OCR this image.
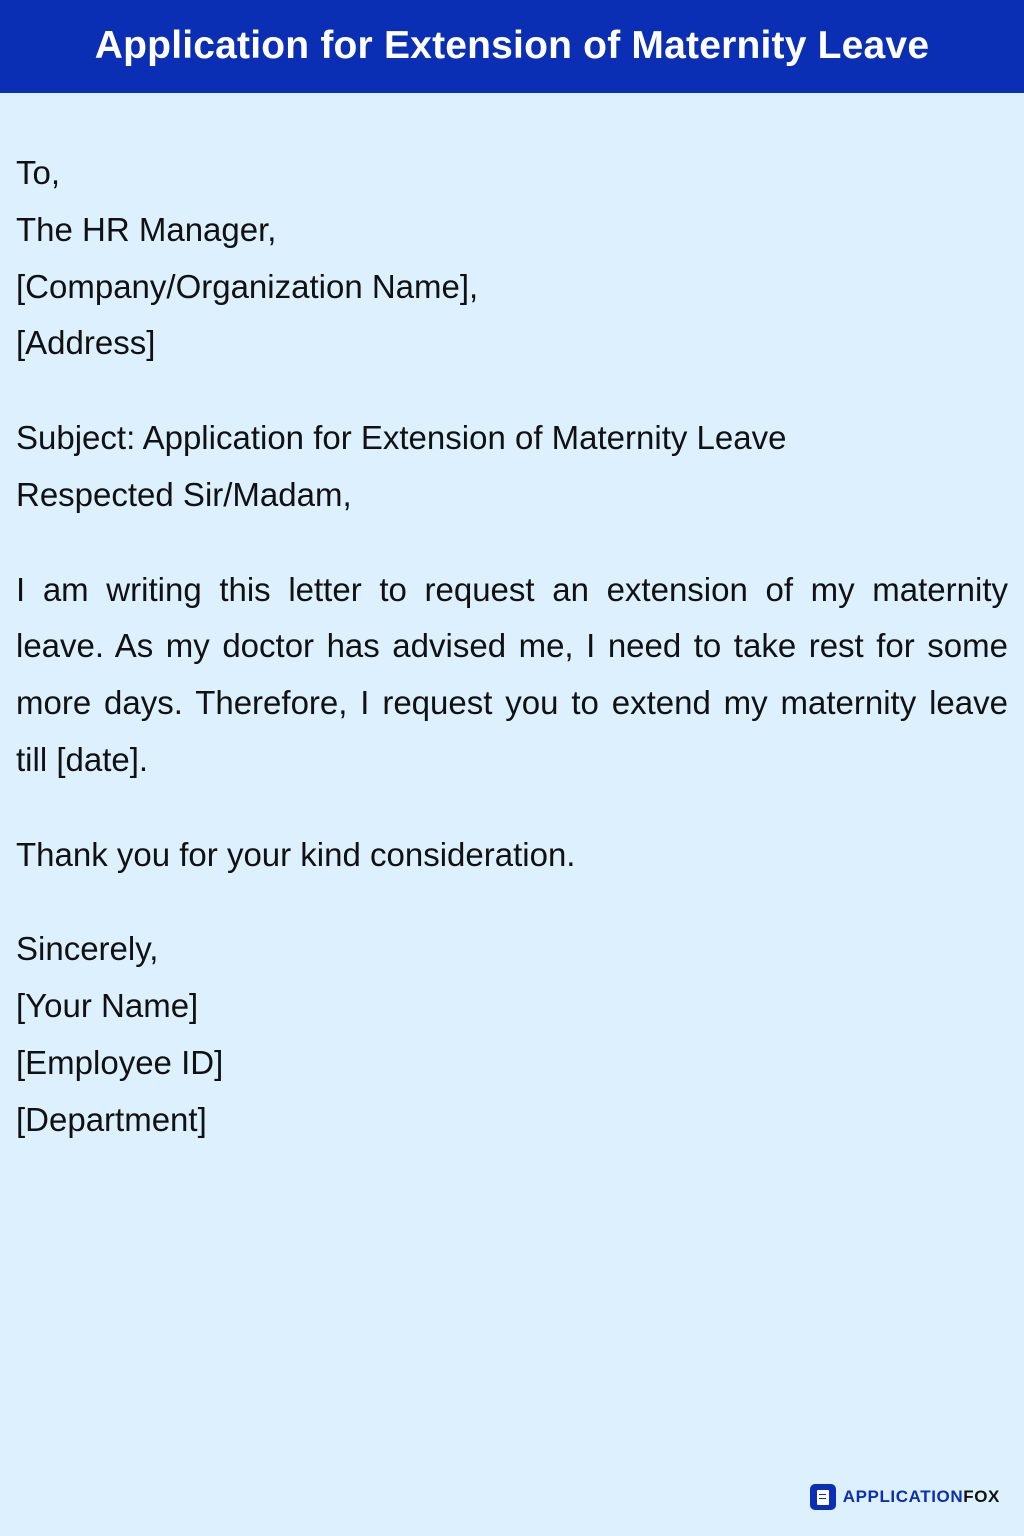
Application for Extension of Maternity Leave
To,
The HR Manager,
[Company/Organization Name],
[Address]
Subject: Application for Extension of Maternity Leave
Respected Sir/Madam,
I am writing this letter to request an extension of my maternity leave. As my doctor has advised me, I need to take rest for some more days. Therefore, I request you to extend my maternity leave till [date].
Thank you for your kind consideration.
Sincerely,
[Your Name]
[Employee ID]
[Department]
APPLICATIONFOX
